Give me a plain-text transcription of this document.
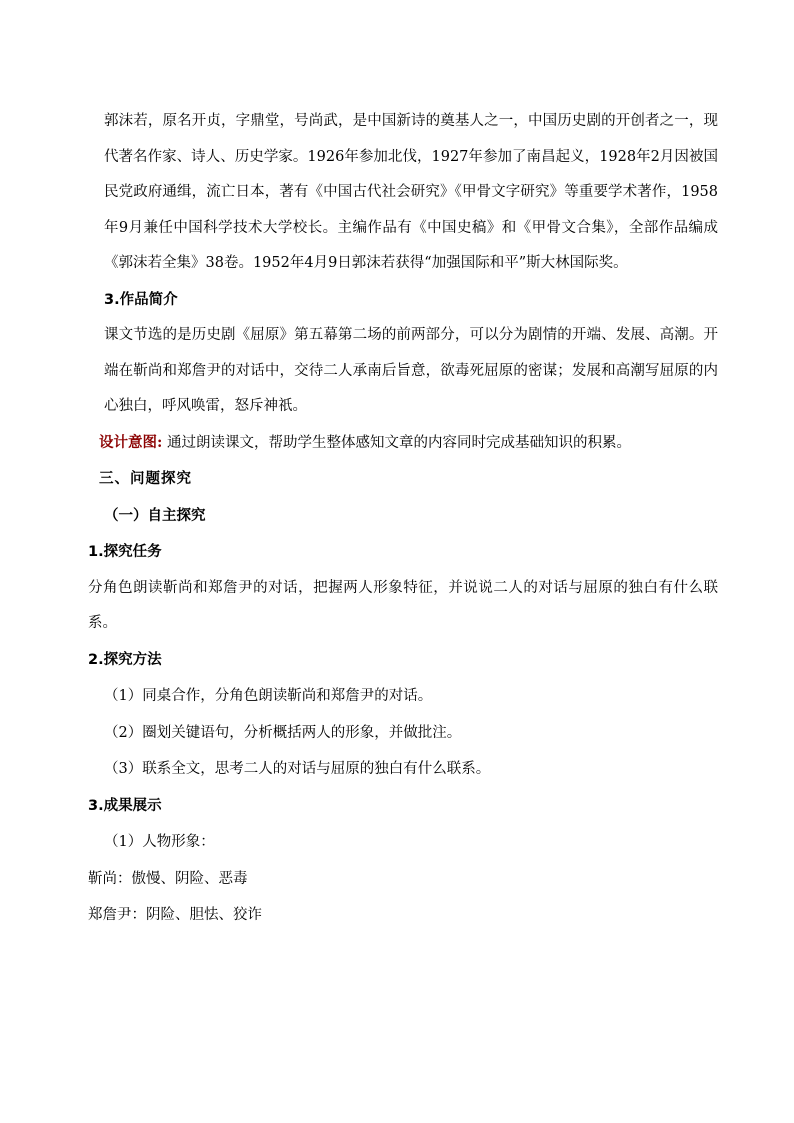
郭沫若，原名开贞，字鼎堂，号尚武，是中国新诗的奠基人之一，中国历史剧的开创者之一，现代著名作家、诗人、历史学家。1926年参加北伐，1927年参加了南昌起义，1928年2月因被国民党政府通缉，流亡日本，著有《中国古代社会研究》《甲骨文字研究》等重要学术著作，1958年9月兼任中国科学技术大学校长。主编作品有《中国史稿》和《甲骨文合集》，全部作品编成《郭沫若全集》38卷。1952年4月9日郭沫若获得“加强国际和平”斯大林国际奖。

3.作品简介

课文节选的是历史剧《屈原》第五幕第二场的前两部分，可以分为剧情的开端、发展、高潮。开端在靳尚和郑詹尹的对话中，交待二人承南后旨意，欲毒死屈原的密谋；发展和高潮写屈原的内心独白，呼风唤雷，怒斥神祇。

设计意图: 通过朗读课文，帮助学生整体感知文章的内容同时完成基础知识的积累。

三、问题探究

（一）自主探究

1.探究任务

分角色朗读靳尚和郑詹尹的对话，把握两人形象特征，并说说二人的对话与屈原的独白有什么联系。

2.探究方法

（1）同桌合作，分角色朗读靳尚和郑詹尹的对话。

（2）圈划关键语句，分析概括两人的形象，并做批注。

（3）联系全文，思考二人的对话与屈原的独白有什么联系。

3.成果展示

（1）人物形象：

靳尚：傲慢、阴险、恶毒

郑詹尹：阴险、胆怯、狡诈
